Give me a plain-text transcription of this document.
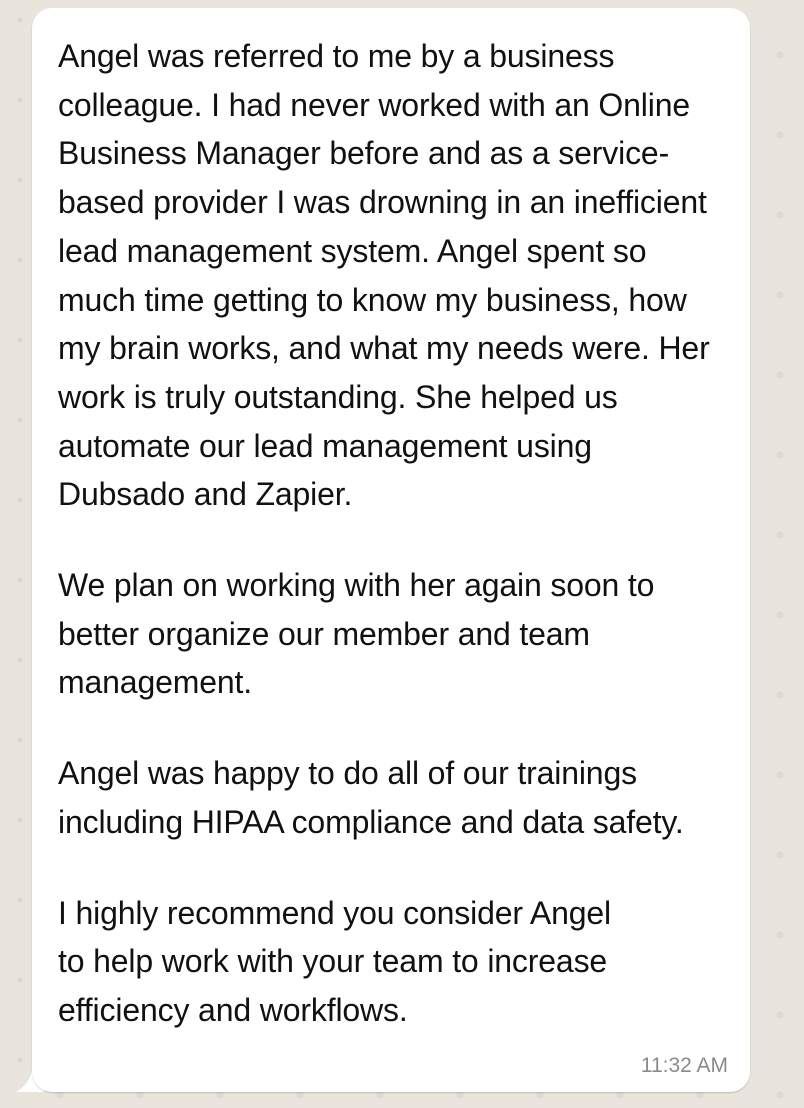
Angel was referred to me by a business colleague. I had never worked with an Online Business Manager before and as a service-based provider I was drowning in an inefficient lead management system. Angel spent so much time getting to know my business, how my brain works, and what my needs were. Her work is truly outstanding. She helped us automate our lead management using Dubsado and Zapier.

We plan on working with her again soon to better organize our member and team management.

Angel was happy to do all of our trainings including HIPAA compliance and data safety.

I highly recommend you consider Angel to help work with your team to increase efficiency and workflows.

11:32 AM
